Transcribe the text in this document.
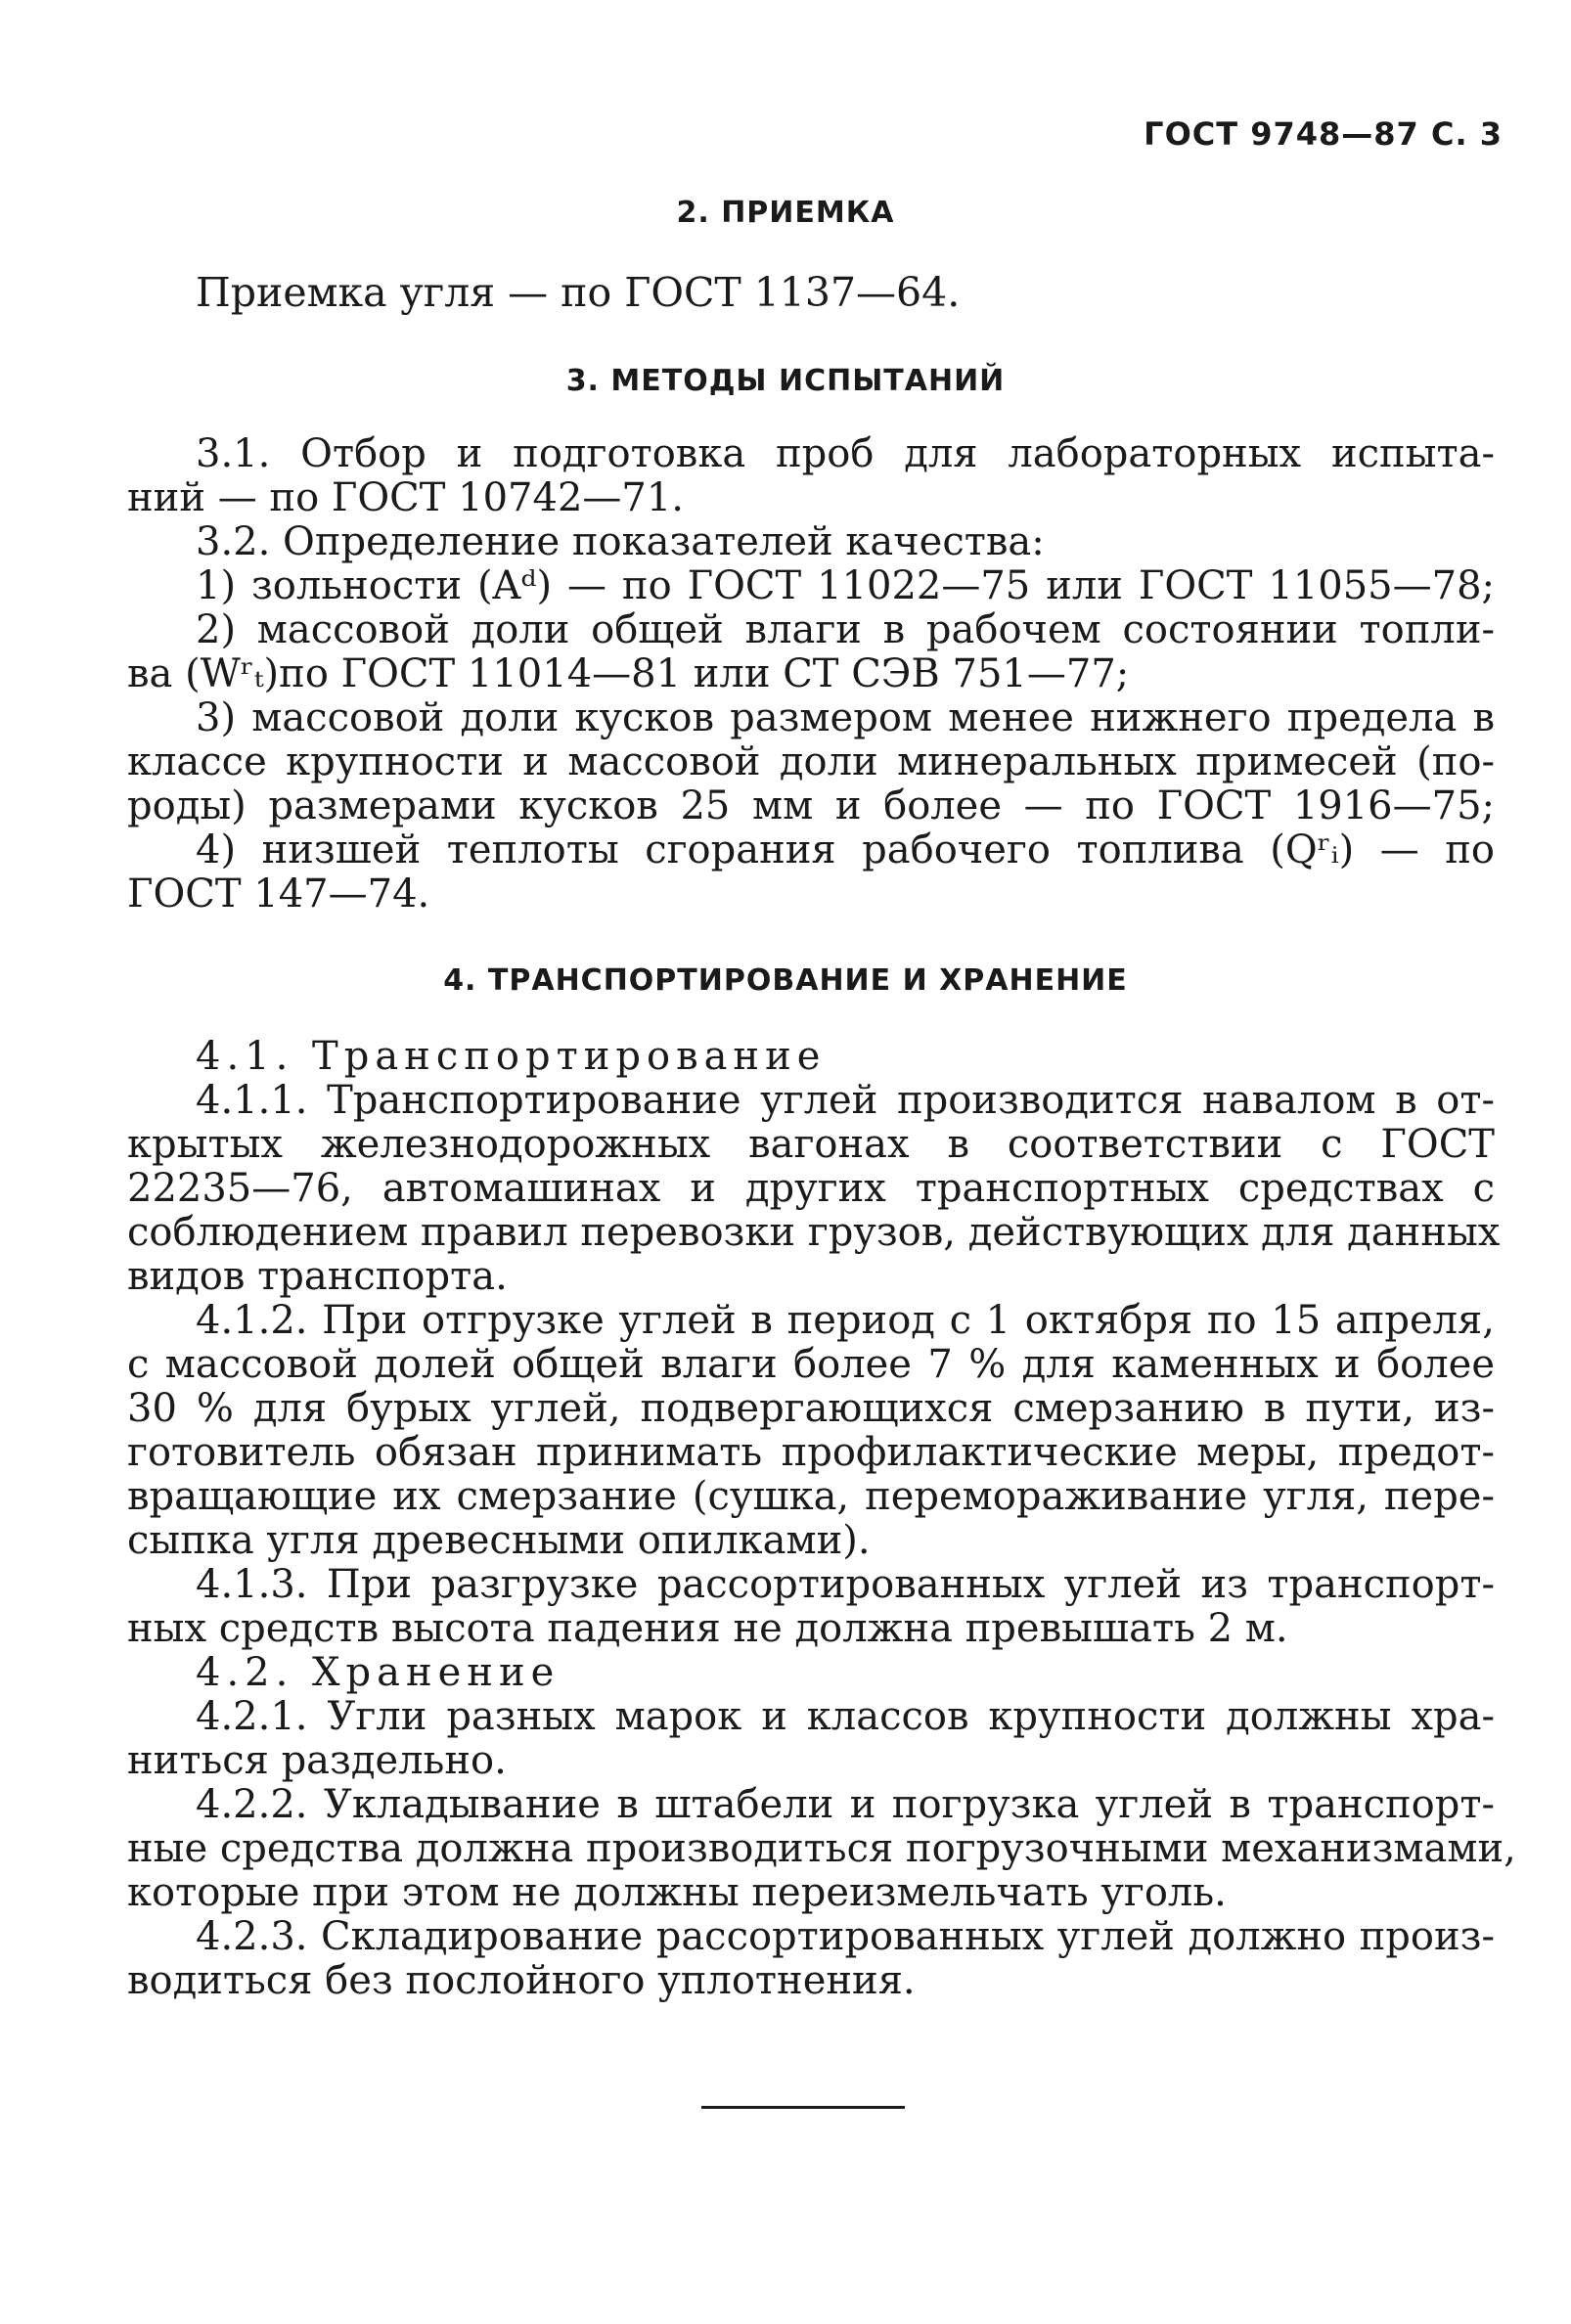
ГОСТ 9748—87 С. 3
2. ПРИЕМКА
Приемка угля — по ГОСТ 1137—64.
3. МЕТОДЫ ИСПЫТАНИЙ
3.1. Отбор и подготовка проб для лабораторных испыта-
ний — по ГОСТ 10742—71.
3.2. Определение показателей качества:
1) зольности (Aᵈ) — по ГОСТ 11022—75 или ГОСТ 11055—78;
2) массовой доли общей влаги в рабочем состоянии топли-
ва (Wʳₜ)по ГОСТ 11014—81 или СТ СЭВ 751—77;
3) массовой доли кусков размером менее нижнего предела в
классе крупности и массовой доли минеральных примесей (по-
роды) размерами кусков 25 мм и более — по ГОСТ 1916—75;
4) низшей теплоты сгорания рабочего топлива (Qʳᵢ) — по
ГОСТ 147—74.
4. ТРАНСПОРТИРОВАНИЕ И ХРАНЕНИЕ
4.1. Транспортирование
4.1.1. Транспортирование углей производится навалом в от-
крытых железнодорожных вагонах в соответствии с ГОСТ
22235—76, автомашинах и других транспортных средствах с
соблюдением правил перевозки грузов, действующих для данных
видов транспорта.
4.1.2. При отгрузке углей в период с 1 октября по 15 апреля,
с массовой долей общей влаги более 7 % для каменных и более
30 % для бурых углей, подвергающихся смерзанию в пути, из-
готовитель обязан принимать профилактические меры, предот-
вращающие их смерзание (сушка, перемораживание угля, пере-
сыпка угля древесными опилками).
4.1.3. При разгрузке рассортированных углей из транспорт-
ных средств высота падения не должна превышать 2 м.
4.2. Хранение
4.2.1. Угли разных марок и классов крупности должны хра-
ниться раздельно.
4.2.2. Укладывание в штабели и погрузка углей в транспорт-
ные средства должна производиться погрузочными механизмами,
которые при этом не должны переизмельчать уголь.
4.2.3. Складирование рассортированных углей должно произ-
водиться без послойного уплотнения.
